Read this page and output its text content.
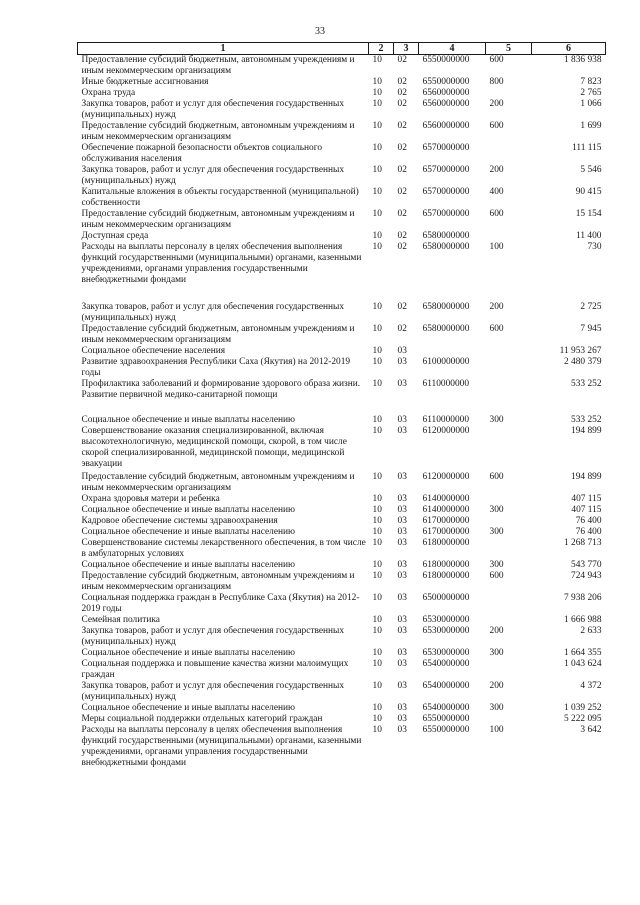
33
1	2	3	4	5	6
Предоставление субсидий бюджетным, автономным учреждениям и иным некоммерческим организациям	10	02	6550000000	600	1 836 938
Иные бюджетные ассигнования	10	02	6550000000	800	7 823
Охрана труда	10	02	6560000000		2 765
Закупка товаров, работ и услуг для обеспечения государственных (муниципальных) нужд	10	02	6560000000	200	1 066
Предоставление субсидий бюджетным, автономным учреждениям и иным некоммерческим организациям	10	02	6560000000	600	1 699
Обеспечение пожарной безопасности объектов социального обслуживания населения	10	02	6570000000		111 115
Закупка товаров, работ и услуг для обеспечения государственных (муниципальных) нужд	10	02	6570000000	200	5 546
Капитальные вложения в объекты государственной (муниципальной) собственности	10	02	6570000000	400	90 415
Предоставление субсидий бюджетным, автономным учреждениям и иным некоммерческим организациям	10	02	6570000000	600	15 154
Доступная среда	10	02	6580000000		11 400
Расходы на выплаты персоналу в целях обеспечения выполнения функций государственными (муниципальными) органами, казенными учреждениями, органами управления государственными внебюджетными фондами	10	02	6580000000	100	730
Закупка товаров, работ и услуг для обеспечения государственных (муниципальных) нужд	10	02	6580000000	200	2 725
Предоставление субсидий бюджетным, автономным учреждениям и иным некоммерческим организациям	10	02	6580000000	600	7 945
Социальное обеспечение населения	10	03			11 953 267
Развитие здравоохранения Республики Саха (Якутия) на 2012-2019 годы	10	03	6100000000		2 480 379
Профилактика заболеваний и формирование здорового образа жизни. Развитие первичной медико-санитарной помощи	10	03	6110000000		533 252
Социальное обеспечение и иные выплаты населению	10	03	6110000000	300	533 252
Совершенствование оказания специализированной, включая высокотехнологичную, медицинской помощи, скорой, в том числе скорой специализированной, медицинской помощи, медицинской эвакуации	10	03	6120000000		194 899
Предоставление субсидий бюджетным, автономным учреждениям и иным некоммерческим организациям	10	03	6120000000	600	194 899
Охрана здоровья матери и ребенка	10	03	6140000000		407 115
Социальное обеспечение и иные выплаты населению	10	03	6140000000	300	407 115
Кадровое обеспечение системы здравоохранения	10	03	6170000000		76 400
Социальное обеспечение и иные выплаты населению	10	03	6170000000	300	76 400
Совершенствование системы лекарственного обеспечения, в том числе в амбулаторных условиях	10	03	6180000000		1 268 713
Социальное обеспечение и иные выплаты населению	10	03	6180000000	300	543 770
Предоставление субсидий бюджетным, автономным учреждениям и иным некоммерческим организациям	10	03	6180000000	600	724 943
Социальная поддержка граждан в Республике Саха (Якутия) на 2012-2019 годы	10	03	6500000000		7 938 206
Семейная политика	10	03	6530000000		1 666 988
Закупка товаров, работ и услуг для обеспечения государственных (муниципальных) нужд	10	03	6530000000	200	2 633
Социальное обеспечение и иные выплаты населению	10	03	6530000000	300	1 664 355
Социальная поддержка и повышение качества жизни малоимущих граждан	10	03	6540000000		1 043 624
Закупка товаров, работ и услуг для обеспечения государственных (муниципальных) нужд	10	03	6540000000	200	4 372
Социальное обеспечение и иные выплаты населению	10	03	6540000000	300	1 039 252
Меры социальной поддержки отдельных категорий граждан	10	03	6550000000		5 222 095
Расходы на выплаты персоналу в целях обеспечения выполнения функций государственными (муниципальными) органами, казенными учреждениями, органами управления государственными внебюджетными фондами	10	03	6550000000	100	3 642
